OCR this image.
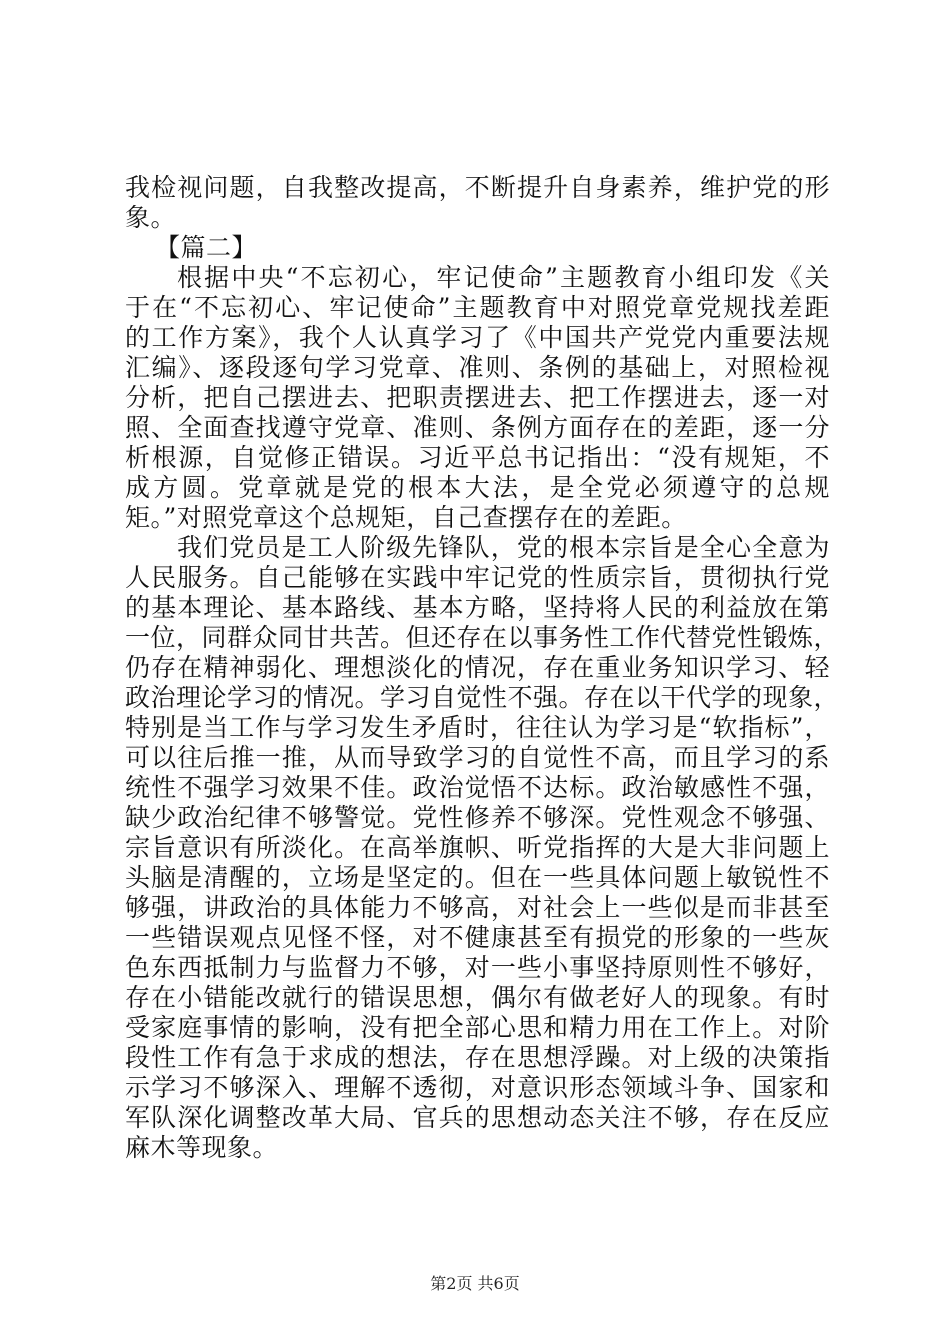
我检视问题，自我整改提高，不断提升自身素养，维护党的形
象。
【篇二】
根据中央“不忘初心，牢记使命”主题教育小组印发《关
于在“不忘初心、牢记使命”主题教育中对照党章党规找差距
的工作方案》，我个人认真学习了《中国共产党党内重要法规
汇编》、逐段逐句学习党章、准则、条例的基础上，对照检视
分析，把自己摆进去、把职责摆进去、把工作摆进去，逐一对
照、全面查找遵守党章、准则、条例方面存在的差距，逐一分
析根源，自觉修正错误。习近平总书记指出：“没有规矩，不
成方圆。党章就是党的根本大法，是全党必须遵守的总规
矩。”对照党章这个总规矩，自己查摆存在的差距。
我们党员是工人阶级先锋队，党的根本宗旨是全心全意为
人民服务。自己能够在实践中牢记党的性质宗旨，贯彻执行党
的基本理论、基本路线、基本方略，坚持将人民的利益放在第
一位，同群众同甘共苦。但还存在以事务性工作代替党性锻炼，
仍存在精神弱化、理想淡化的情况，存在重业务知识学习、轻
政治理论学习的情况。学习自觉性不强。存在以干代学的现象，
特别是当工作与学习发生矛盾时，往往认为学习是“软指标”，
可以往后推一推，从而导致学习的自觉性不高，而且学习的系
统性不强学习效果不佳。政治觉悟不达标。政治敏感性不强，
缺少政治纪律不够警觉。党性修养不够深。党性观念不够强、
宗旨意识有所淡化。在高举旗帜、听党指挥的大是大非问题上
头脑是清醒的，立场是坚定的。但在一些具体问题上敏锐性不
够强，讲政治的具体能力不够高，对社会上一些似是而非甚至
一些错误观点见怪不怪，对不健康甚至有损党的形象的一些灰
色东西抵制力与监督力不够，对一些小事坚持原则性不够好，
存在小错能改就行的错误思想，偶尔有做老好人的现象。有时
受家庭事情的影响，没有把全部心思和精力用在工作上。对阶
段性工作有急于求成的想法，存在思想浮躁。对上级的决策指
示学习不够深入、理解不透彻，对意识形态领域斗争、国家和
军队深化调整改革大局、官兵的思想动态关注不够，存在反应
麻木等现象。
第2页 共6页
